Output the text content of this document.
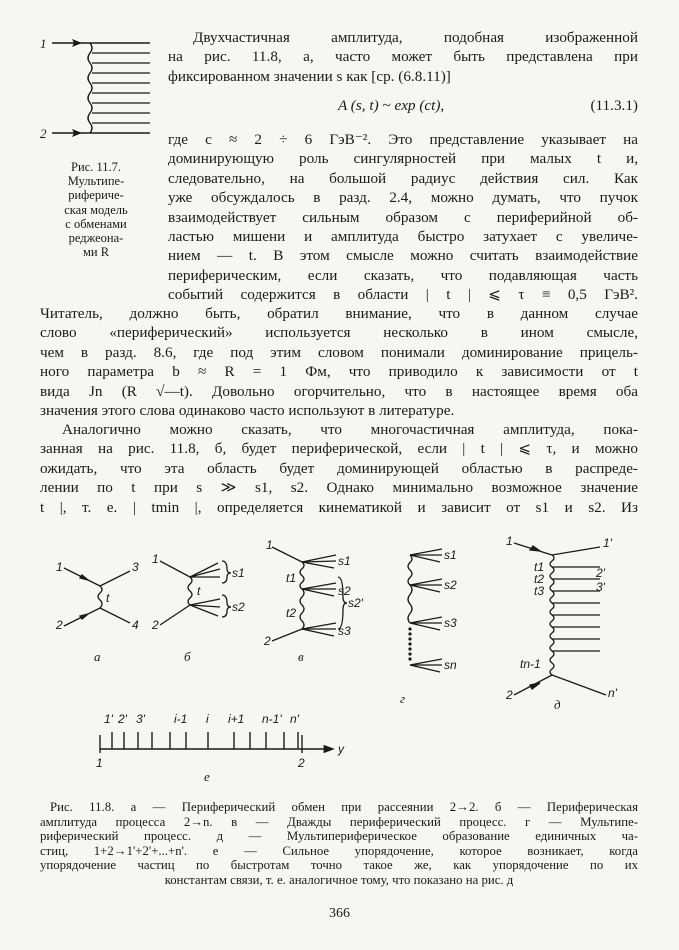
1
2
Рис. 11.7.
Мультипе-
рифериче-
ская модель
с обменами
реджеона-
ми R
Двухчастичная амплитуда, подобная изображенной
на рис. 11.8, а, часто может быть представлена при
фиксированном значении s как [ср. (6.8.11)]
A (s, t) ~ exp (ct),	(11.3.1)
где c ≈ 2 ÷ 6 ГэВ⁻². Это представление указывает на
доминирующую роль сингулярностей при малых t и,
следовательно, на большой радиус действия сил. Как
уже обсуждалось в разд. 2.4, можно думать, что пучок
взаимодействует сильным образом с периферийной об-
ластью мишени и амплитуда быстро затухает с увеличе-
нием — t. В этом смысле можно считать взаимодействие
периферическим, если сказать, что подавляющая часть
событий содержится в области | t | ⩽ τ ≡ 0,5 ГэВ².
Читатель, должно быть, обратил внимание, что в данном случае
слово «периферический» используется несколько в ином смысле,
чем в разд. 8.6, где под этим словом понимали доминирование прицель-
ного параметра b ≈ R = 1 Фм, что приводило к зависимости от t
вида Jn (R √—t). Довольно огорчительно, что в настоящее время оба
значения этого слова одинаково часто используют в литературе.
Аналогично можно сказать, что многочастичная амплитуда, пока-
занная на рис. 11.8, б, будет периферической, если | t | ⩽ τ, и можно
ожидать, что эта область будет доминирующей областью в распреде-
лении по t при s ≫ s1, s2. Однако минимально возможное значение
t |, т. е. | tmin |, определяется кинематикой и зависит от s1 и s2. Из
1
2
3
4
t
а
1
2
t
s1
s2
б
1
2
t1
t2
s1
s2
s3
s2'
в
s1
s2
s3
sn
г
1
2
1'
2'
3'
n'
t1
t2
t3
tn-1
д
1' 2' 3' i-1 i i+1 n-1' n'
1	2
y
е
Рис. 11.8. а — Периферический обмен при рассеянии 2→2. б — Периферическая
амплитуда процесса 2→n. в — Дважды периферический процесс. г — Мультипе-
риферический процесс. д — Мультипериферическое образование единичных ча-
стиц, 1+2→1'+2'+...+n'. е — Сильное упорядочение, которое возникает, когда
упорядочение частиц по быстротам точно такое же, как упорядочение по их
константам связи, т. е. аналогичное тому, что показано на рис. д
366
